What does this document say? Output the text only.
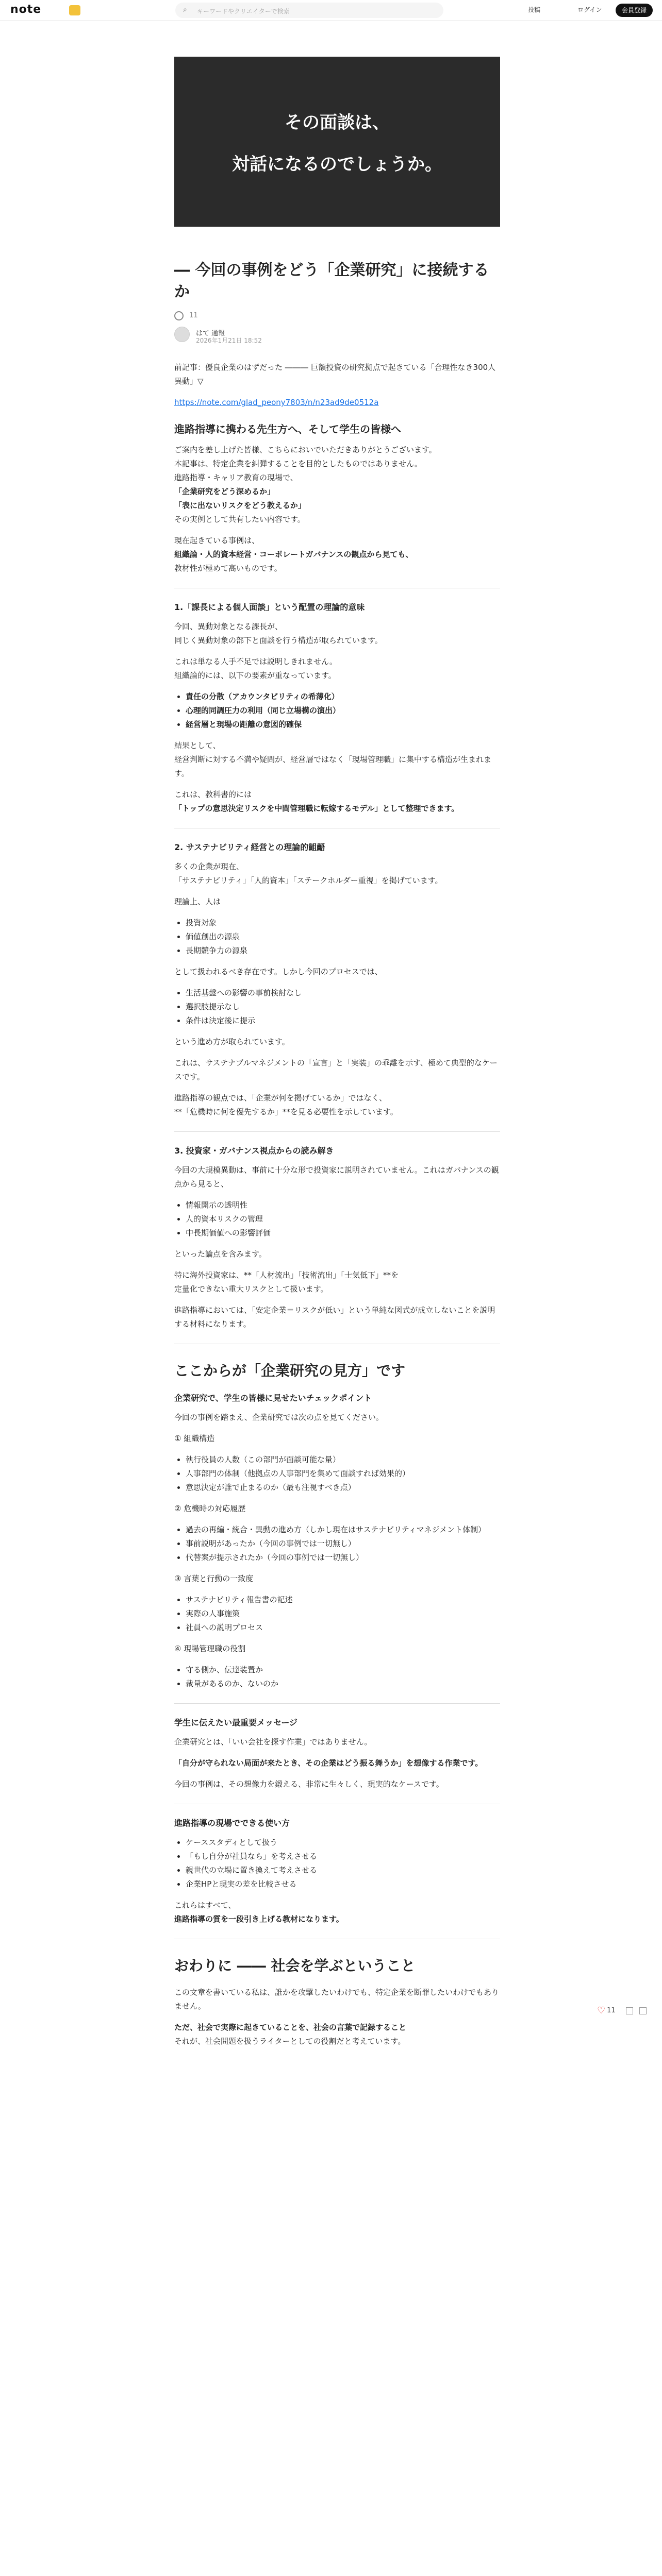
note	⌕ キーワードやクリエイターで検索	投稿	ログイン	会員登録
その面談は、
対話になるのでしょうか。
― 今回の事例をどう「企業研究」に接続するか
11
はて 通報
2026年1月21日 18:52

前記事：優良企業のはずだった ――― 巨額投資の研究拠点で起きている「合理性なき300人異動」▽

https://note.com/glad_peony7803/n/n23ad9de0512a

進路指導に携わる先生方へ、そして学生の皆様へ

ご案内を差し上げた皆様、こちらにおいでいただきありがとうございます。
本記事は、特定企業を糾弾することを目的としたものではありません。
進路指導・キャリア教育の現場で、
「企業研究をどう深めるか」
「表に出ないリスクをどう教えるか」
その実例として共有したい内容です。

現在起きている事例は、
組織論・人的資本経営・コーポレートガバナンスの観点から見ても、
教材性が極めて高いものです。

1.「課長による個人面談」という配置の理論的意味

今回、異動対象となる課長が、
同じく異動対象の部下と面談を行う構造が取られています。

これは単なる人手不足では説明しきれません。
組織論的には、以下の要素が重なっています。

• 責任の分散（アカウンタビリティの希薄化）
• 心理的同調圧力の利用（同じ立場構の演出）
• 経営層と現場の距離の意図的確保

結果として、
経営判断に対する不満や疑問が、経営層ではなく「現場管理職」に集中する構造が生まれます。

これは、教科書的には
「トップの意思決定リスクを中間管理職に転嫁するモデル」として整理できます。

2. サステナビリティ経営との理論的齟齬

多くの企業が現在、
「サステナビリティ」「人的資本」「ステークホルダー重視」を掲げています。

理論上、人は

• 投資対象
• 価値創出の源泉
• 長期競争力の源泉

として扱われるべき存在です。しかし今回のプロセスでは、

• 生活基盤への影響の事前検討なし
• 選択肢提示なし
• 条件は決定後に提示

という進め方が取られています。

これは、サステナブルマネジメントの「宣言」と「実装」の乖離を示す、極めて典型的なケースです。

進路指導の観点では、「企業が何を掲げているか」ではなく、
**「危機時に何を優先するか」**を見る必要性を示しています。

3. 投資家・ガバナンス視点からの読み解き

今回の大規模異動は、事前に十分な形で投資家に説明されていません。これはガバナンスの観点から見ると、

• 情報開示の透明性
• 人的資本リスクの管理
• 中長期価値への影響評価

といった論点を含みます。

特に海外投資家は、**「人材流出」「技術流出」「士気低下」**を
定量化できない重大リスクとして扱います。

進路指導においては、「安定企業＝リスクが低い」という単純な図式が成立しないことを説明する材料になります。

ここからが「企業研究の見方」です
企業研究で、学生の皆様に見せたいチェックポイント

今回の事例を踏まえ、企業研究では次の点を見てください。

① 組織構造

• 執行役員の人数（この部門が面談可能な量）
• 人事部門の体制（他拠点の人事部門を集めて面談すれば効果的）
• 意思決定が誰で止まるのか（最も注視すべき点）

② 危機時の対応履歴

• 過去の再編・統合・異動の進め方（しかし現在はサステナビリティマネジメント体制）
• 事前説明があったか（今回の事例では一切無し）
• 代替案が提示されたか（今回の事例では一切無し）

③ 言葉と行動の一致度

• サステナビリティ報告書の記述
• 実際の人事施策
• 社員への説明プロセス

④ 現場管理職の役割

• 守る側か、伝達装置か
• 裁量があるのか、ないのか
学生に伝えたい最重要メッセージ

企業研究とは、「いい会社を探す作業」ではありません。

「自分が守られない局面が来たとき、その企業はどう振る舞うか」を想像する作業です。

今回の事例は、その想像力を鍛える、非常に生々しく、現実的なケースです。

進路指導の現場でできる使い方
• ケーススタディとして扱う
• 「もし自分が社員なら」を考えさせる
• 親世代の立場に置き換えて考えさせる
• 企業HPと現実の差を比較させる

これらはすべて、
進路指導の質を一段引き上げる教材になります。

おわりに ―― 社会を学ぶということ

この文章を書いている私は、誰かを攻撃したいわけでも、特定企業を断罪したいわけでもありません。

ただ、社会で実際に起きていることを、社会の言葉で記録すること
それが、社会問題を扱うライターとしての役割だと考えています。

♡ 11
